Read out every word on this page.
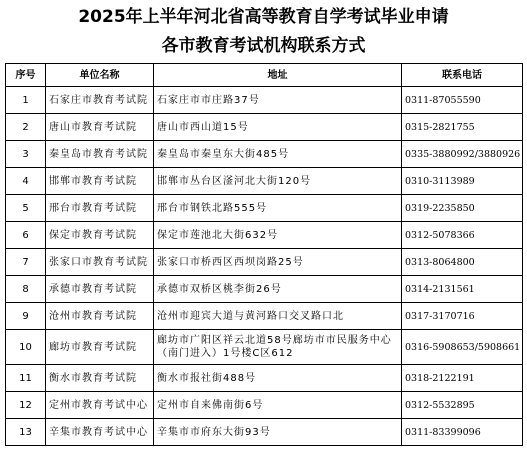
2025年上半年河北省高等教育自学考试毕业申请
各市教育考试机构联系方式
序号	单位名称	地址	联系电话
1	石家庄市教育考试院	石家庄市市庄路37号	0311-87055590
2	唐山市教育考试院	唐山市西山道15号	0315-2821755
3	秦皇岛市教育考试院	秦皇岛市秦皇东大街485号	0335-3880992/3880926
4	邯郸市教育考试院	邯郸市丛台区滏河北大街120号	0310-3113989
5	邢台市教育考试院	邢台市钢铁北路555号	0319-2235850
6	保定市教育考试院	保定市莲池北大街632号	0312-5078366
7	张家口市教育考试院	张家口市桥西区西坝岗路25号	0313-8064800
8	承德市教育考试院	承德市双桥区桃李街26号	0314-2131561
9	沧州市教育考试院	沧州市迎宾大道与黄河路口交叉路口北	0317-3170716
10	廊坊市教育考试院	廊坊市广阳区祥云北道58号廊坊市市民服务中心（南门进入）1号楼C区612	0316-5908653/5908661
11	衡水市教育考试院	衡水市报社街488号	0318-2122191
12	定州市教育考试中心	定州市自来佛南街6号	0312-5532895
13	辛集市教育考试中心	辛集市市府东大街93号	0311-83399096
